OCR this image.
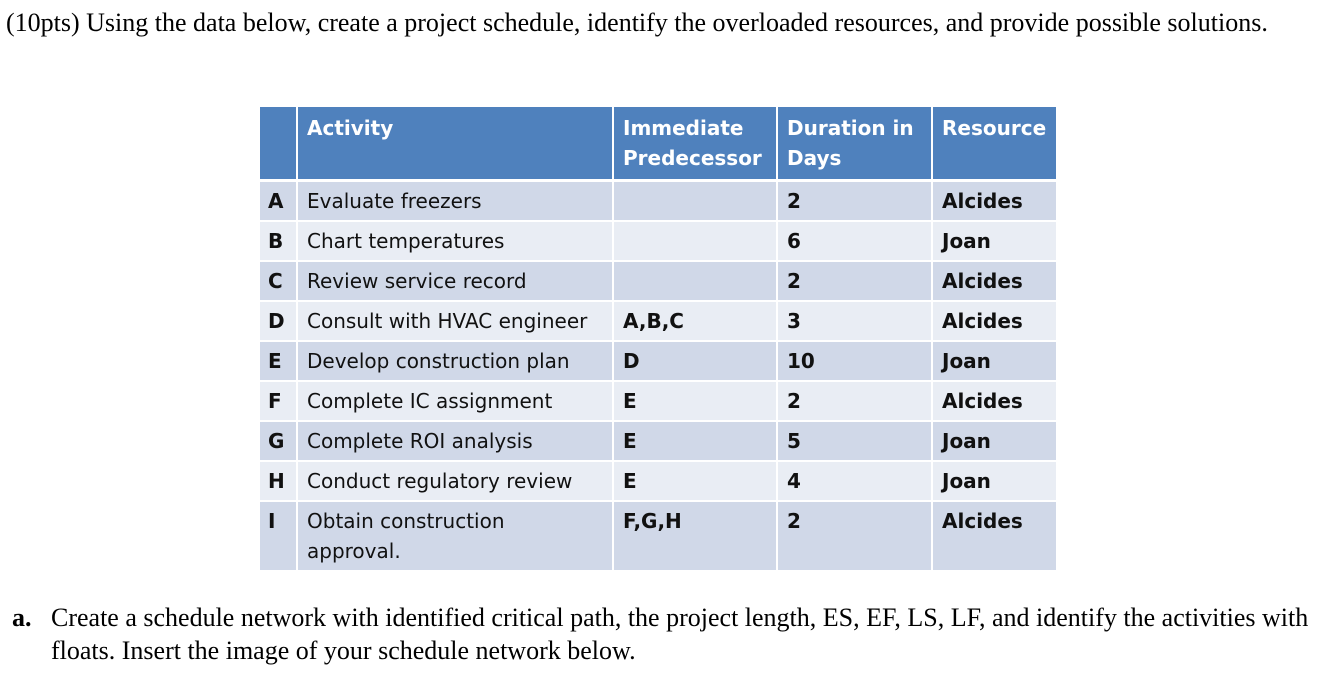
(10pts) Using the data below, create a project schedule, identify the overloaded resources, and provide possible solutions.
	Activity	Immediate Predecessor	Duration in Days	Resource
A	Evaluate freezers		2	Alcides
B	Chart temperatures		6	Joan
C	Review service record		2	Alcides
D	Consult with HVAC engineer	A,B,C	3	Alcides
E	Develop construction plan	D	10	Joan
F	Complete IC assignment	E	2	Alcides
G	Complete ROI analysis	E	5	Joan
H	Conduct regulatory review	E	4	Joan
I	Obtain construction approval.	F,G,H	2	Alcides
a. Create a schedule network with identified critical path, the project length, ES, EF, LS, LF, and identify the activities with floats. Insert the image of your schedule network below.
